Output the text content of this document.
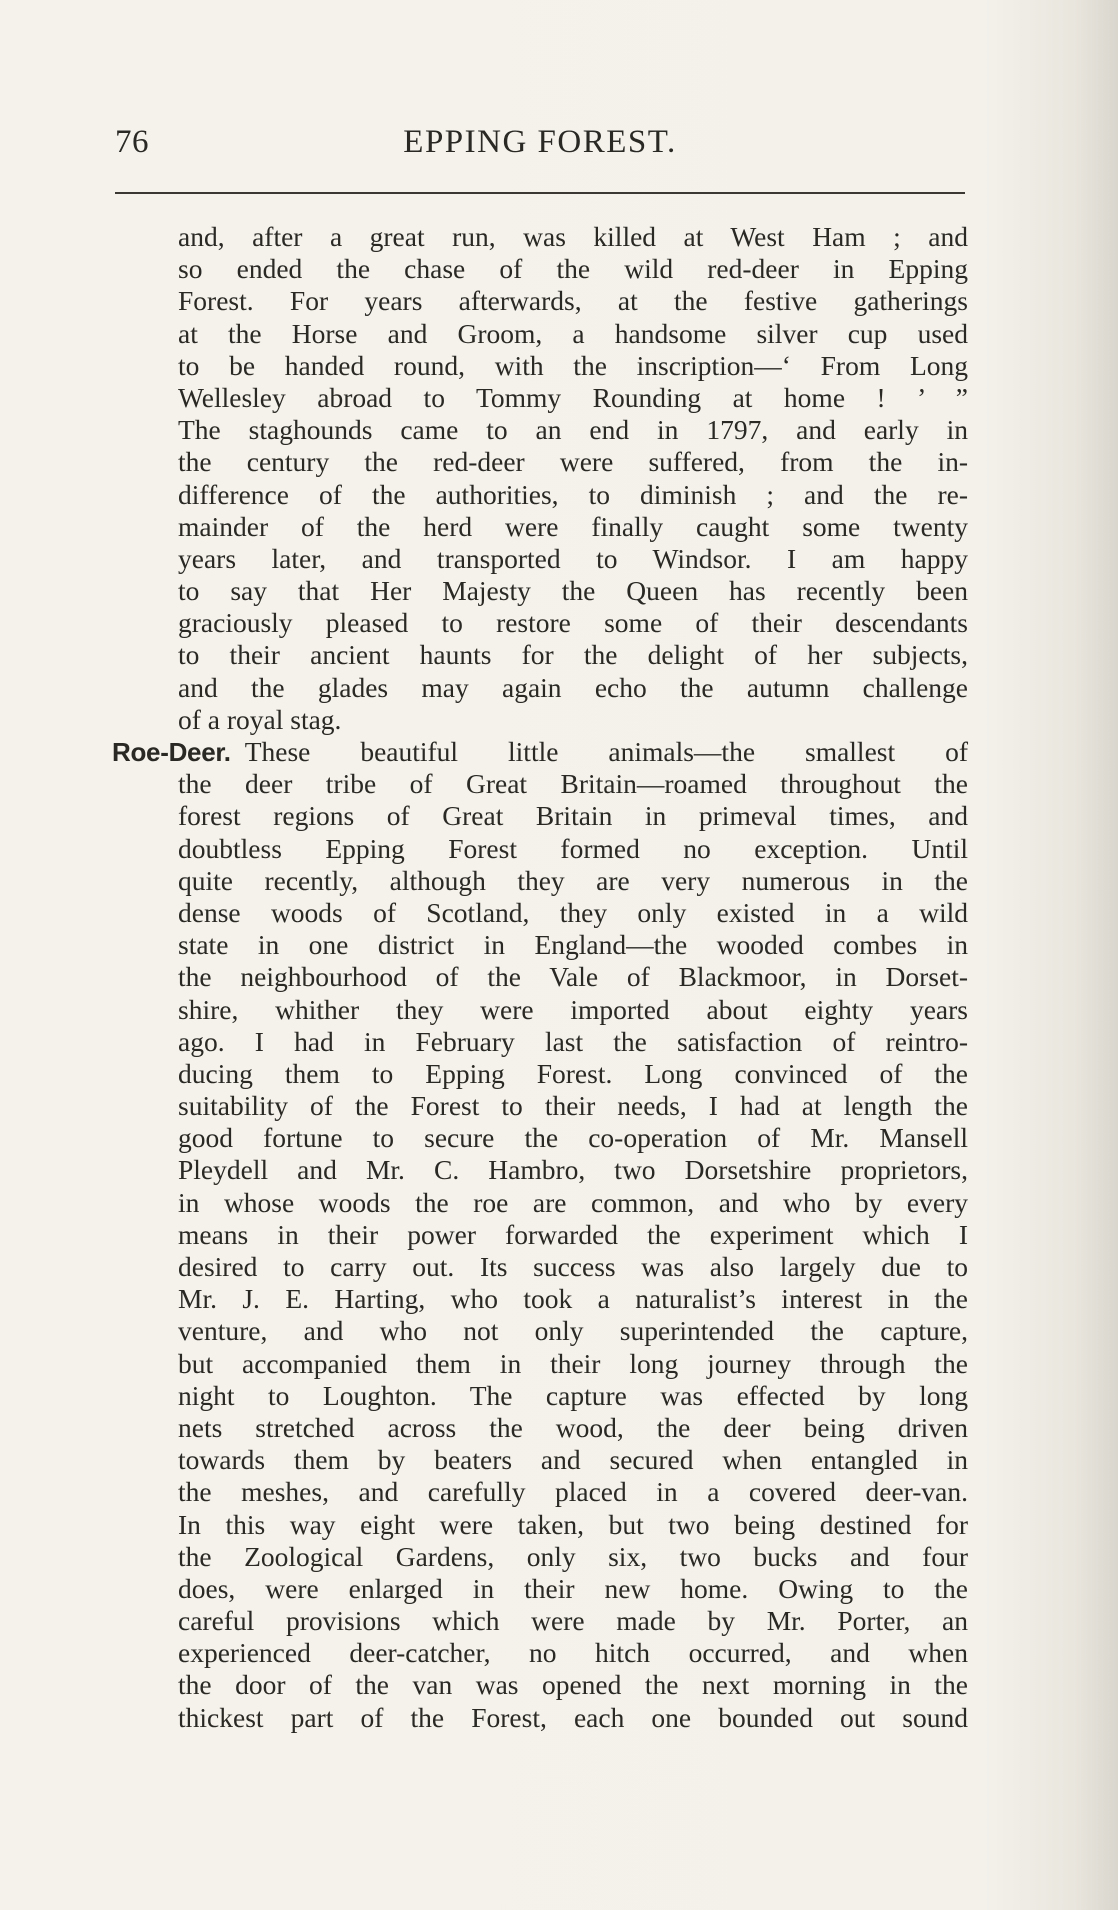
76	EPPING FOREST.
and, after a great run, was killed at West Ham ; and
so ended the chase of the wild red-deer in Epping
Forest. For years afterwards, at the festive gatherings
at the Horse and Groom, a handsome silver cup used
to be handed round, with the inscription—‘ From Long
Wellesley abroad to Tommy Rounding at home ! ’ ”
The staghounds came to an end in 1797, and early in
the century the red-deer were suffered, from the in-
difference of the authorities, to diminish ; and the re-
mainder of the herd were finally caught some twenty
years later, and transported to Windsor. I am happy
to say that Her Majesty the Queen has recently been
graciously pleased to restore some of their descendants
to their ancient haunts for the delight of her subjects,
and the glades may again echo the autumn challenge
of a royal stag.
Roe-Deer. These beautiful little animals—the smallest of
the deer tribe of Great Britain—roamed throughout the
forest regions of Great Britain in primeval times, and
doubtless Epping Forest formed no exception. Until
quite recently, although they are very numerous in the
dense woods of Scotland, they only existed in a wild
state in one district in England—the wooded combes in
the neighbourhood of the Vale of Blackmoor, in Dorset-
shire, whither they were imported about eighty years
ago. I had in February last the satisfaction of reintro-
ducing them to Epping Forest. Long convinced of the
suitability of the Forest to their needs, I had at length the
good fortune to secure the co-operation of Mr. Mansell
Pleydell and Mr. C. Hambro, two Dorsetshire proprietors,
in whose woods the roe are common, and who by every
means in their power forwarded the experiment which I
desired to carry out. Its success was also largely due to
Mr. J. E. Harting, who took a naturalist’s interest in the
venture, and who not only superintended the capture,
but accompanied them in their long journey through the
night to Loughton. The capture was effected by long
nets stretched across the wood, the deer being driven
towards them by beaters and secured when entangled in
the meshes, and carefully placed in a covered deer-van.
In this way eight were taken, but two being destined for
the Zoological Gardens, only six, two bucks and four
does, were enlarged in their new home. Owing to the
careful provisions which were made by Mr. Porter, an
experienced deer-catcher, no hitch occurred, and when
the door of the van was opened the next morning in the
thickest part of the Forest, each one bounded out sound
